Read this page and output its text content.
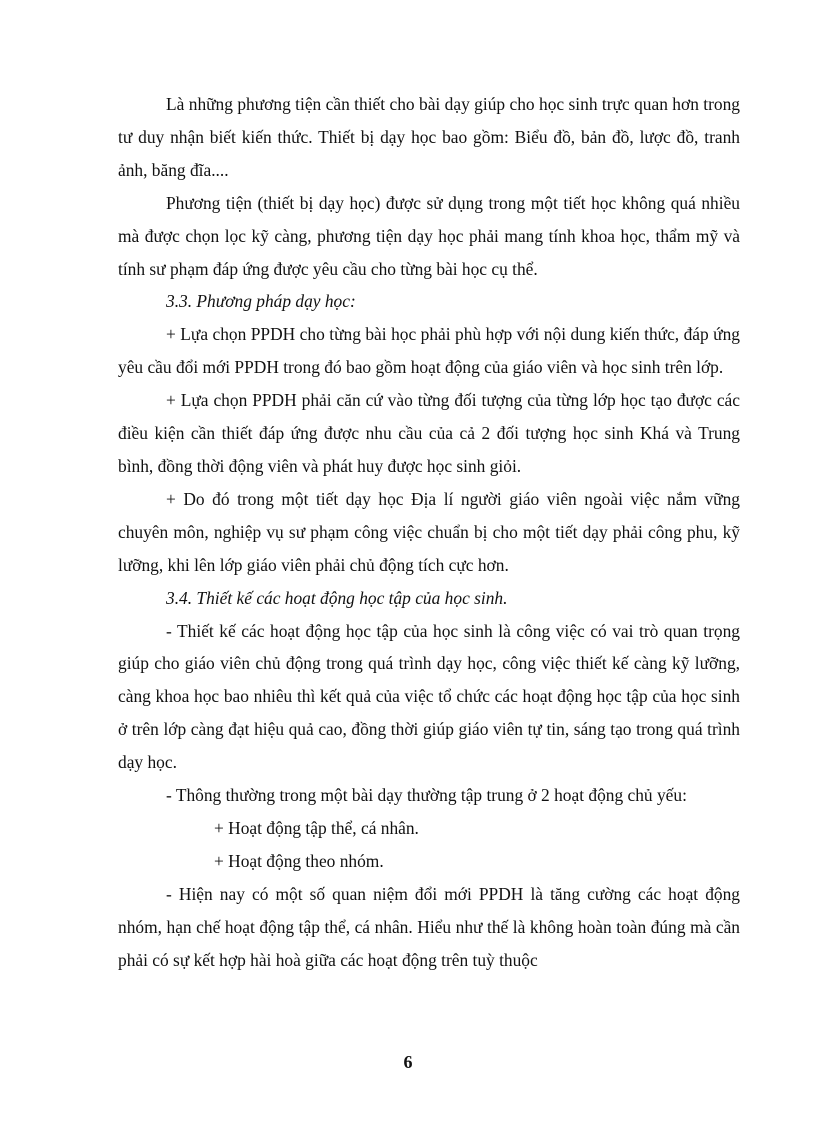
Là những phương tiện cần thiết cho bài dạy giúp cho học sinh trực quan hơn trong tư duy nhận biết kiến thức. Thiết bị dạy học bao gồm: Biểu đồ, bản đồ, lược đồ, tranh ảnh, băng đĩa....

Phương tiện (thiết bị dạy học) được sử dụng trong một tiết học không quá nhiều mà được chọn lọc kỹ càng, phương tiện dạy học phải mang tính khoa học, thẩm mỹ và tính sư phạm đáp ứng được yêu cầu cho từng bài học cụ thể.

3.3. Phương pháp dạy học:

+ Lựa chọn PPDH cho từng bài học phải phù hợp với nội dung kiến thức, đáp ứng yêu cầu đổi mới PPDH trong đó bao gồm hoạt động của giáo viên và học sinh trên lớp.

+ Lựa chọn PPDH phải căn cứ vào từng đối tượng của từng lớp học tạo được các điều kiện cần thiết đáp ứng được nhu cầu của cả 2 đối tượng học sinh Khá và Trung bình, đồng thời động viên và phát huy được học sinh giỏi.

+ Do đó trong một tiết dạy học Địa lí người giáo viên ngoài việc nắm vững chuyên môn, nghiệp vụ sư phạm công việc chuẩn bị cho một tiết dạy phải công phu, kỹ lưỡng, khi lên lớp giáo viên phải chủ động tích cực hơn.

3.4. Thiết kế các hoạt động học tập của học sinh.

- Thiết kế các hoạt động học tập của học sinh là công việc có vai trò quan trọng giúp cho giáo viên chủ động trong quá trình dạy học, công việc thiết kế càng kỹ lưỡng, càng khoa học bao nhiêu thì kết quả của việc tổ chức các hoạt động học tập của học sinh ở trên lớp càng đạt hiệu quả cao, đồng thời giúp giáo viên tự tin, sáng tạo trong quá trình dạy học.

- Thông thường trong một bài dạy thường tập trung ở 2 hoạt động chủ yếu:

+ Hoạt động tập thể, cá nhân.

+ Hoạt động theo nhóm.

- Hiện nay có một số quan niệm đổi mới PPDH là tăng cường các hoạt động nhóm, hạn chế hoạt động tập thể, cá nhân. Hiểu như thế là không hoàn toàn đúng mà cần phải có sự kết hợp hài hoà giữa các hoạt động trên tuỳ thuộc

6
